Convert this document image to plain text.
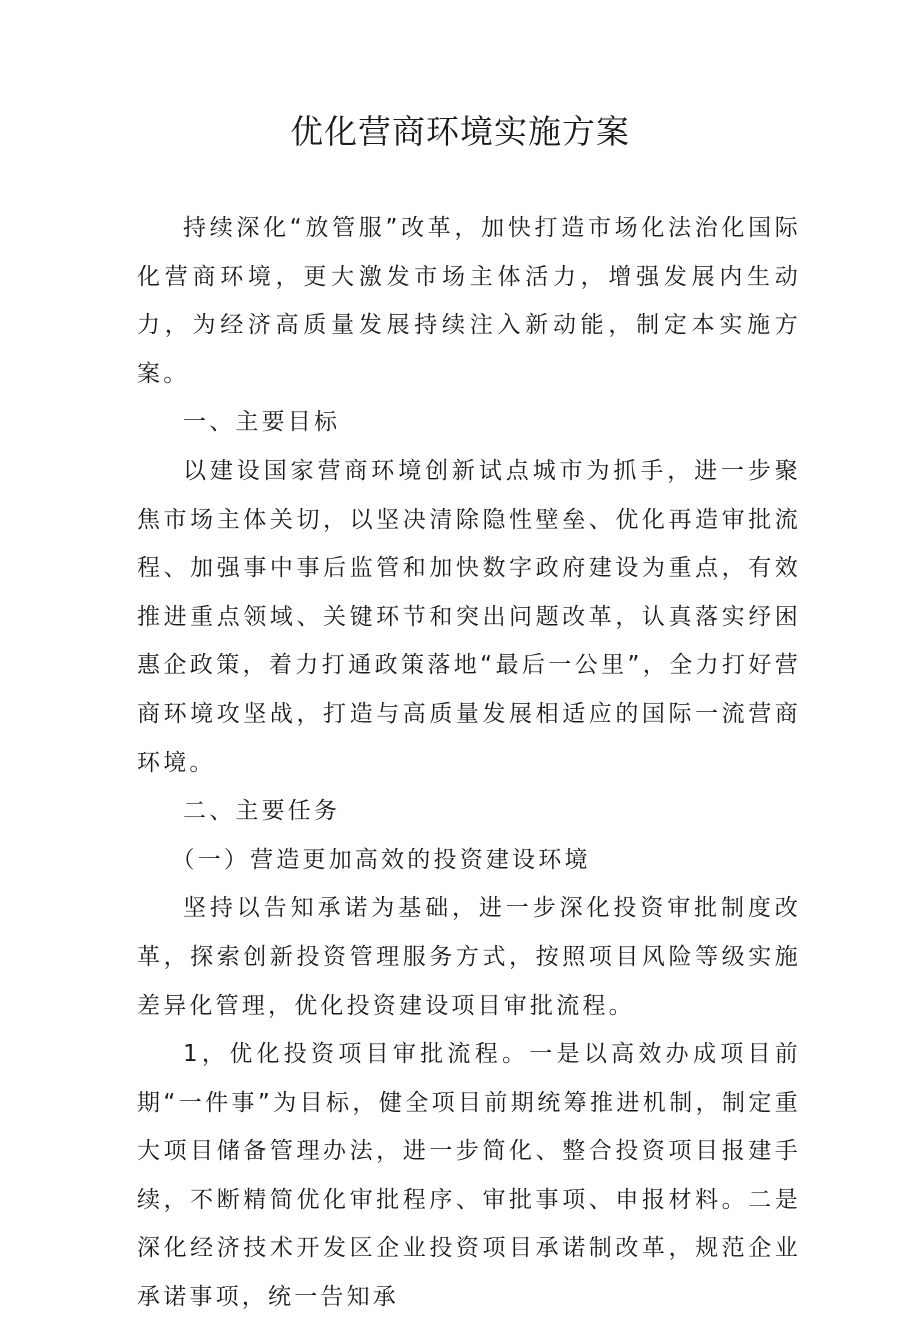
优化营商环境实施方案

持续深化“放管服”改革，加快打造市场化法治化国际化营商环境，更大激发市场主体活力，增强发展内生动力，为经济高质量发展持续注入新动能，制定本实施方案。

一、主要目标

以建设国家营商环境创新试点城市为抓手，进一步聚焦市场主体关切，以坚决清除隐性壁垒、优化再造审批流程、加强事中事后监管和加快数字政府建设为重点，有效推进重点领域、关键环节和突出问题改革，认真落实纾困惠企政策，着力打通政策落地“最后一公里”，全力打好营商环境攻坚战，打造与高质量发展相适应的国际一流营商环境。

二、主要任务

（一）营造更加高效的投资建设环境

坚持以告知承诺为基础，进一步深化投资审批制度改革，探索创新投资管理服务方式，按照项目风险等级实施差异化管理，优化投资建设项目审批流程。

1，优化投资项目审批流程。一是以高效办成项目前期“一件事”为目标，健全项目前期统筹推进机制，制定重大项目储备管理办法，进一步简化、整合投资项目报建手续，不断精简优化审批程序、审批事项、申报材料。二是深化经济技术开发区企业投资项目承诺制改革，规范企业承诺事项，统一告知承
